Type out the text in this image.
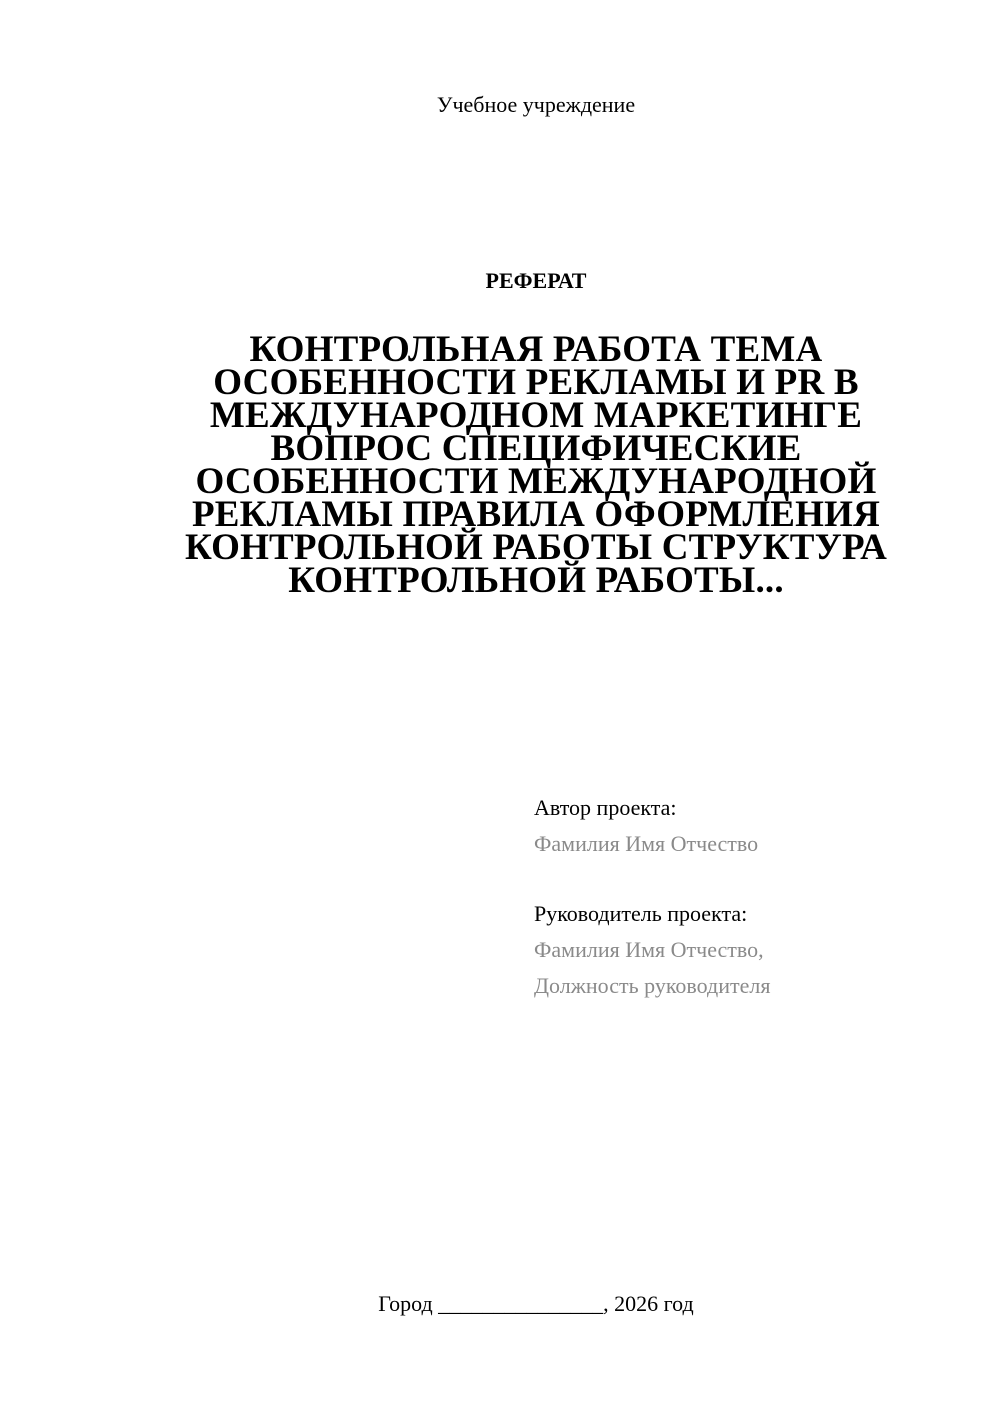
Учебное учреждение
РЕФЕРАТ
КОНТРОЛЬНАЯ РАБОТА ТЕМА ОСОБЕННОСТИ РЕКЛАМЫ И PR В МЕЖДУНАРОДНОМ МАРКЕТИНГЕ ВОПРОС СПЕЦИФИЧЕСКИЕ ОСОБЕННОСТИ МЕЖДУНАРОДНОЙ РЕКЛАМЫ ПРАВИЛА ОФОРМЛЕНИЯ КОНТРОЛЬНОЙ РАБОТЫ СТРУКТУРА КОНТРОЛЬНОЙ РАБОТЫ...
Автор проекта:
Фамилия Имя Отчество
Руководитель проекта:
Фамилия Имя Отчество,
Должность руководителя
Город _______________, 2026 год
